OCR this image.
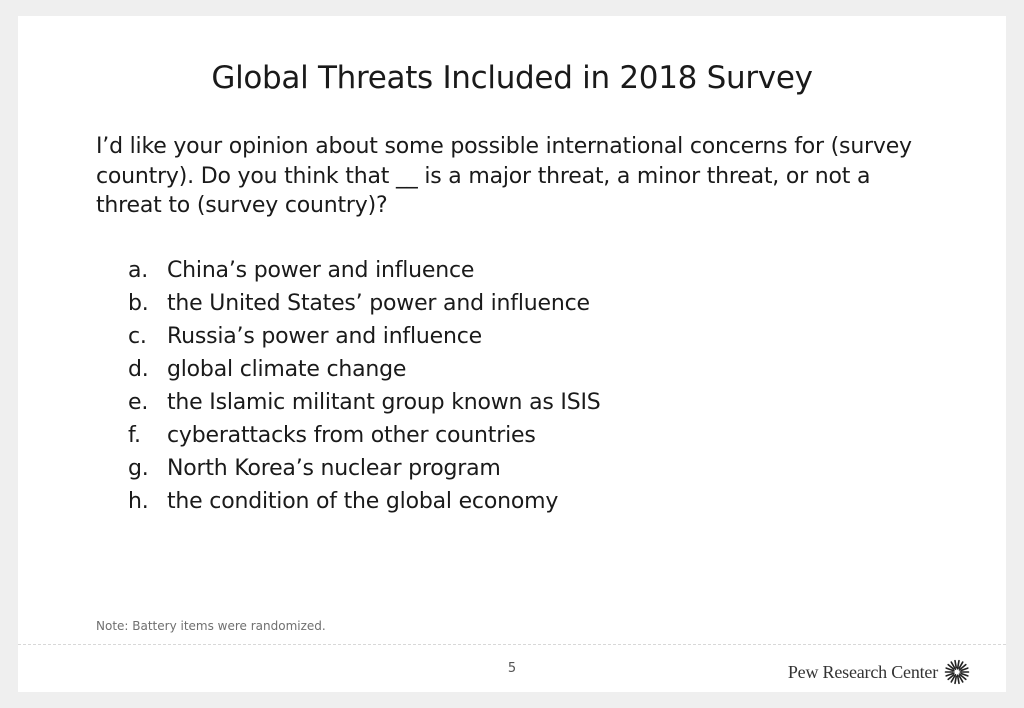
Global Threats Included in 2018 Survey
I’d like your opinion about some possible international concerns for (survey country). Do you think that __ is a major threat, a minor threat, or not a threat to (survey country)?
a. China’s power and influence
b. the United States’ power and influence
c. Russia’s power and influence
d. global climate change
e. the Islamic militant group known as ISIS
f. cyberattacks from other countries
g. North Korea’s nuclear program
h. the condition of the global economy
Note: Battery items were randomized.
5	Pew Research Center
